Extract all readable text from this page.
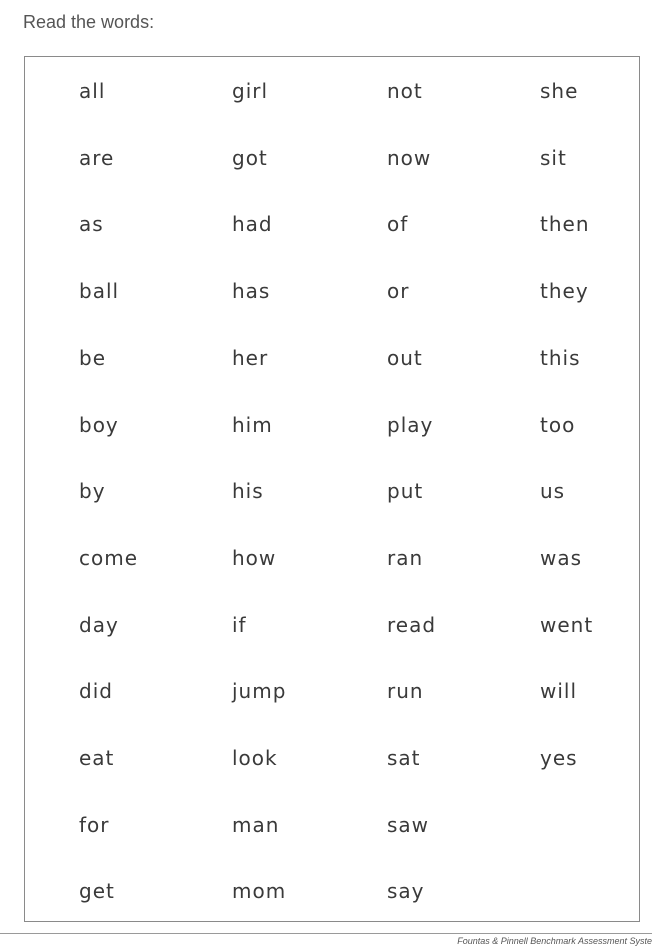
Read the words:
all
are
as
ball
be
boy
by
come
day
did
eat
for
get
girl
got
had
has
her
him
his
how
if
jump
look
man
mom
not
now
of
or
out
play
put
ran
read
run
sat
saw
say
she
sit
then
they
this
too
us
was
went
will
yes
Fountas & Pinnell Benchmark Assessment Syste
